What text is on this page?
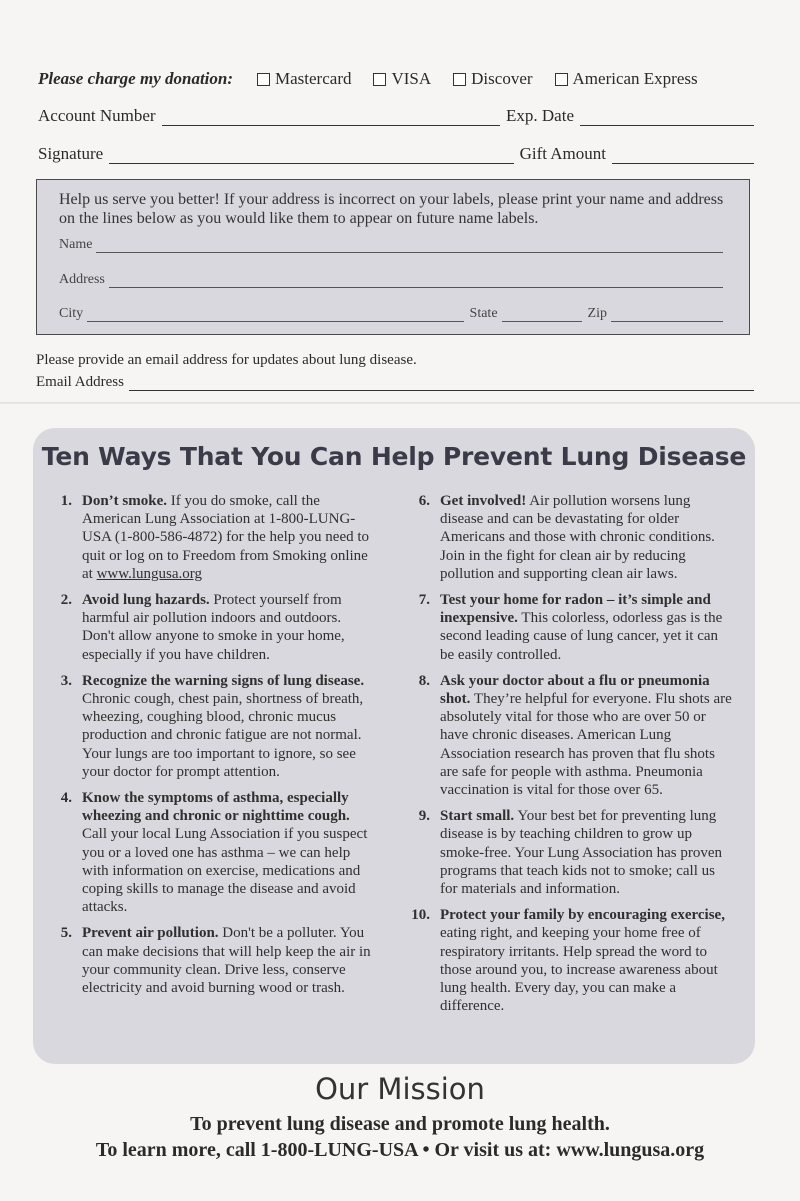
Please charge my donation: Mastercard VISA Discover American Express
Account Number	Exp. Date
Signature	Gift Amount
Help us serve you better! If your address is incorrect on your labels, please print your name and address on the lines below as you would like them to appear on future name labels.
Name
Address
City	State	Zip
Please provide an email address for updates about lung disease.
Email Address
Ten Ways That You Can Help Prevent Lung Disease
1. Don’t smoke. If you do smoke, call the American Lung Association at 1-800-LUNG-USA (1-800-586-4872) for the help you need to quit or log on to Freedom from Smoking online at www.lungusa.org
2. Avoid lung hazards. Protect yourself from harmful air pollution indoors and outdoors. Don't allow anyone to smoke in your home, especially if you have children.
3. Recognize the warning signs of lung disease. Chronic cough, chest pain, shortness of breath, wheezing, coughing blood, chronic mucus production and chronic fatigue are not normal. Your lungs are too important to ignore, so see your doctor for prompt attention.
4. Know the symptoms of asthma, especially wheezing and chronic or nighttime cough. Call your local Lung Association if you suspect you or a loved one has asthma – we can help with information on exercise, medications and coping skills to manage the disease and avoid attacks.
5. Prevent air pollution. Don't be a polluter. You can make decisions that will help keep the air in your community clean. Drive less, conserve electricity and avoid burning wood or trash.
6. Get involved! Air pollution worsens lung disease and can be devastating for older Americans and those with chronic conditions. Join in the fight for clean air by reducing pollution and supporting clean air laws.
7. Test your home for radon – it’s simple and inexpensive. This colorless, odorless gas is the second leading cause of lung cancer, yet it can be easily controlled.
8. Ask your doctor about a flu or pneumonia shot. They’re helpful for everyone. Flu shots are absolutely vital for those who are over 50 or have chronic diseases. American Lung Association research has proven that flu shots are safe for people with asthma. Pneumonia vaccination is vital for those over 65.
9. Start small. Your best bet for preventing lung disease is by teaching children to grow up smoke-free. Your Lung Association has proven programs that teach kids not to smoke; call us for materials and information.
10. Protect your family by encouraging exercise, eating right, and keeping your home free of respiratory irritants. Help spread the word to those around you, to increase awareness about lung health. Every day, you can make a difference.
Our Mission
To prevent lung disease and promote lung health.
To learn more, call 1-800-LUNG-USA • Or visit us at: www.lungusa.org
